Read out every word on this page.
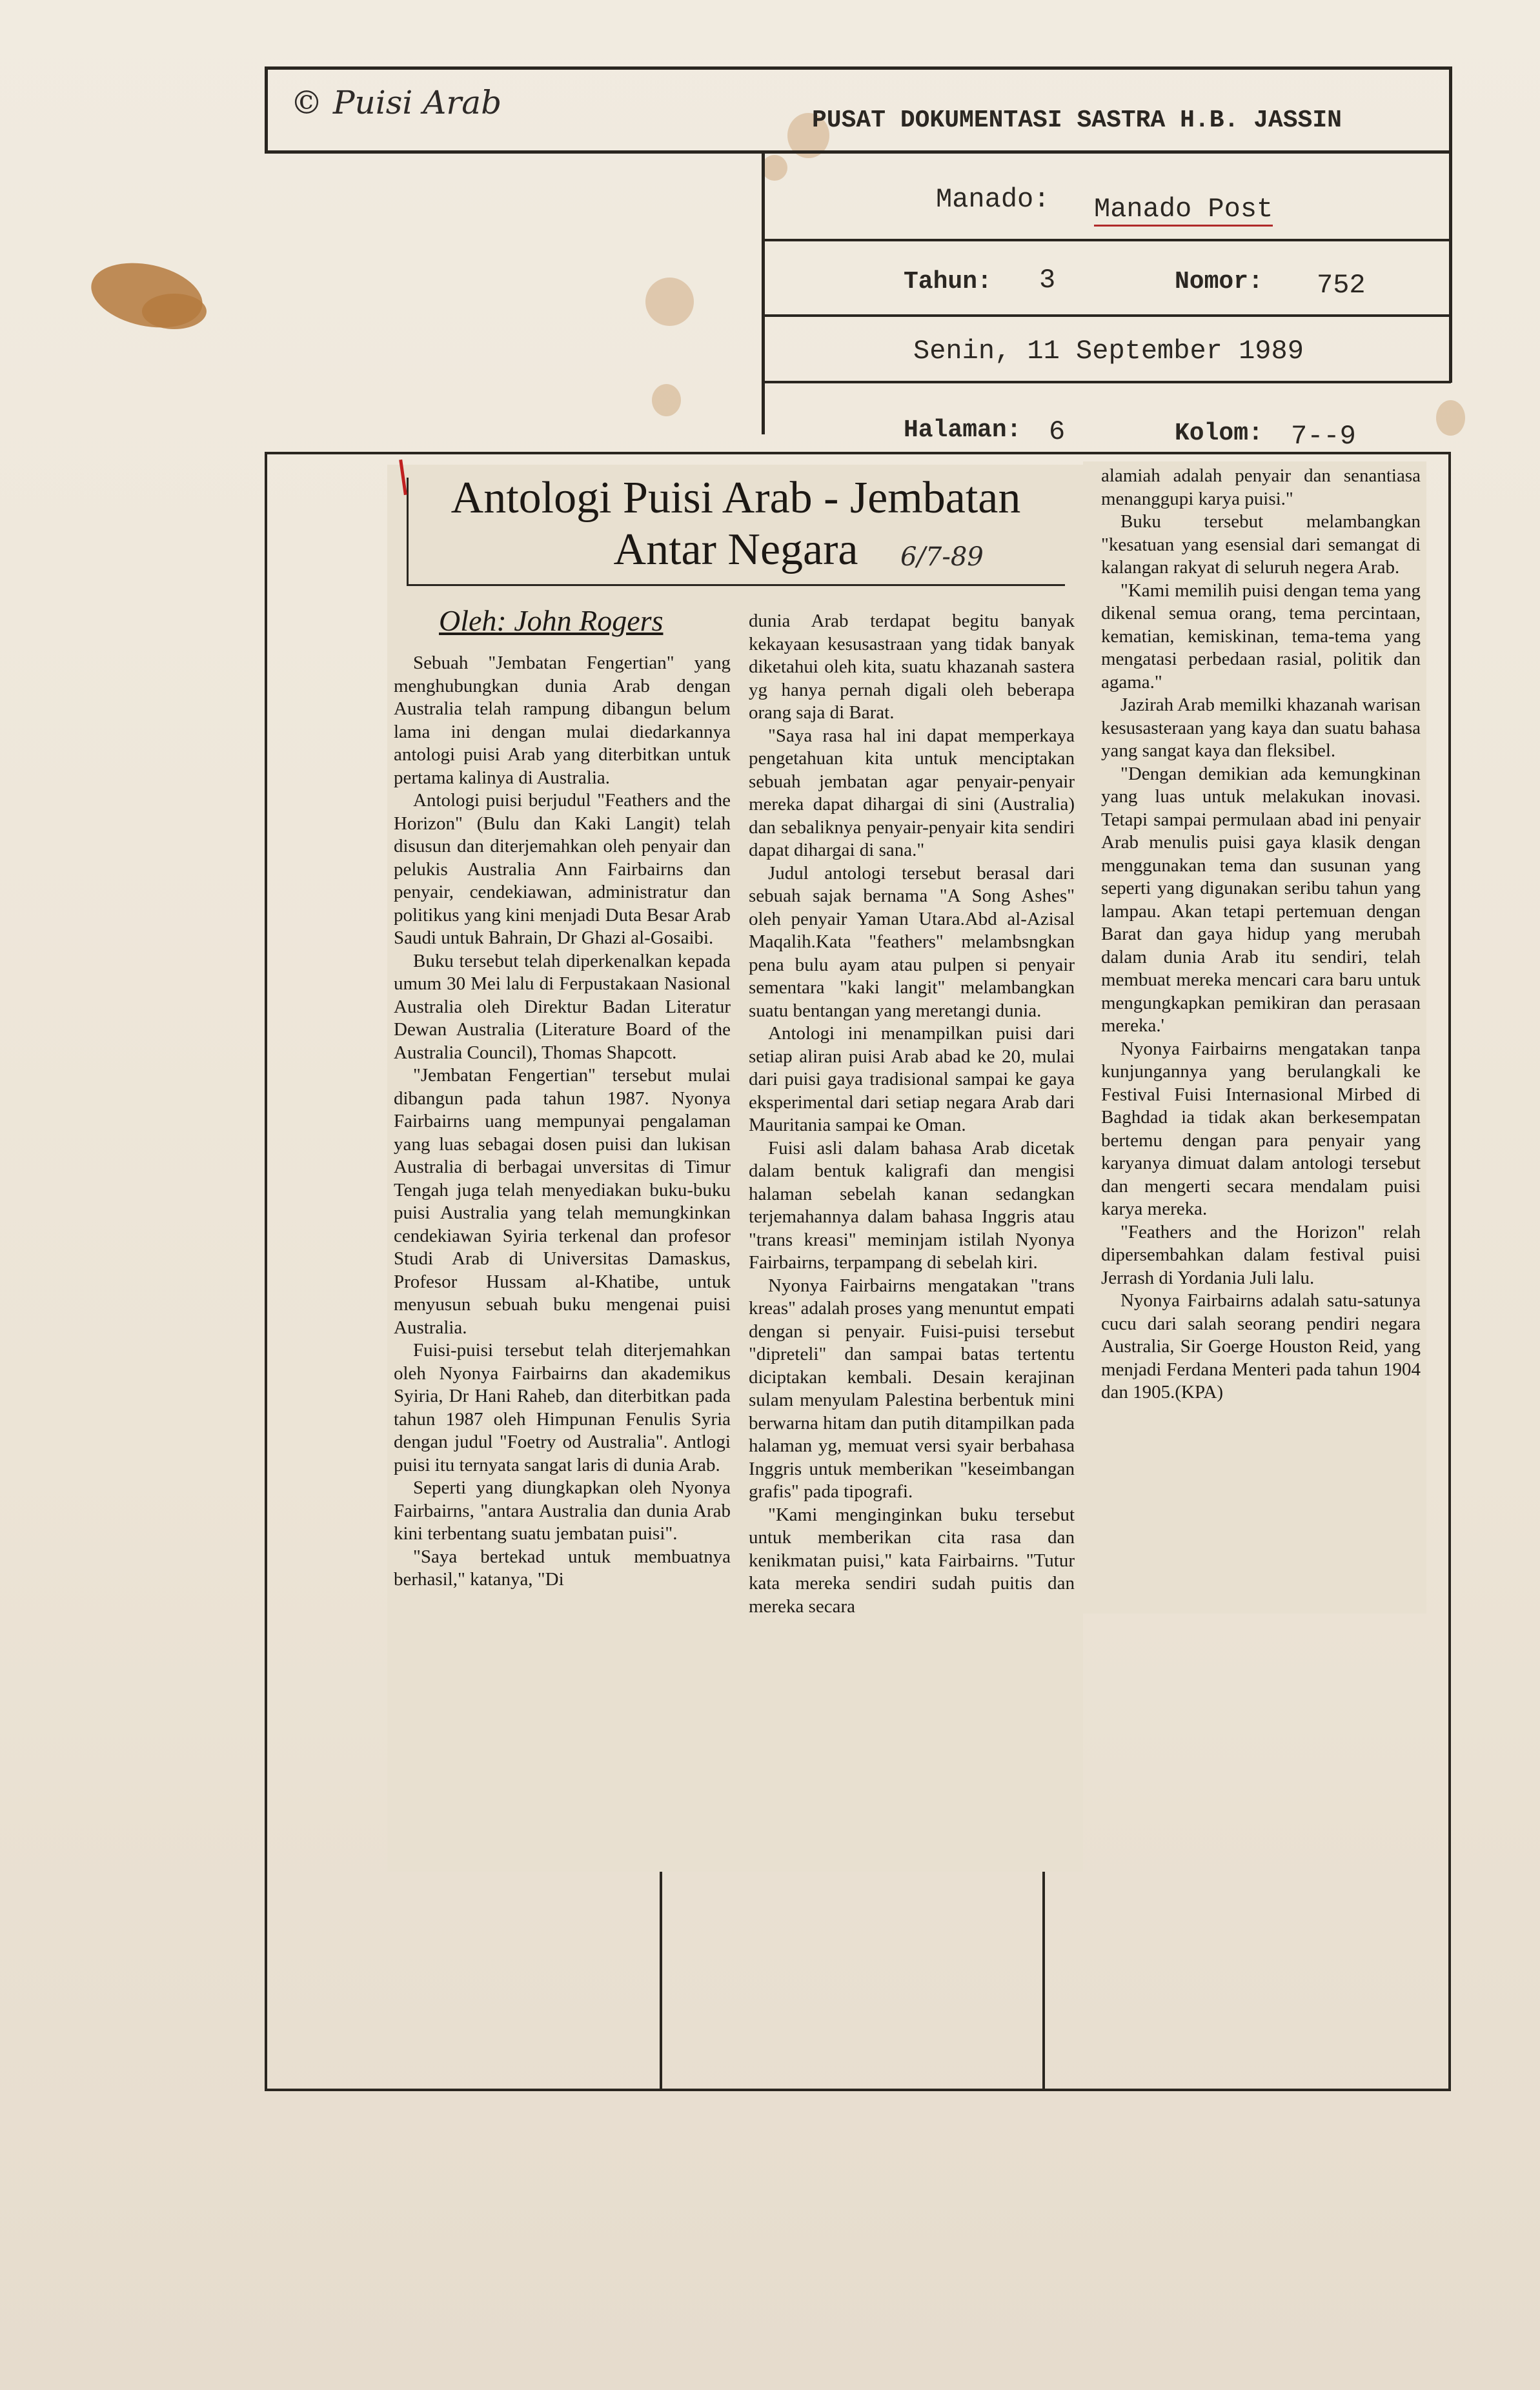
© Puisi Arab	PUSAT DOKUMENTASI SASTRA H.B. JASSIN
Manado: Manado Post
Tahun: 3	Nomor: 752
Senin, 11 September 1989
Halaman: 6	Kolom: 7--9
Antologi Puisi Arab - Jembatan
Antar Negara	6/7-89
Oleh: John Rogers

Sebuah "Jembatan Fengertian" yang menghubungkan dunia Arab dengan Australia telah rampung dibangun belum lama ini dengan mulai diedarkannya antologi puisi Arab yang diterbitkan untuk pertama kalinya di Australia.

Antologi puisi berjudul "Feathers and the Horizon" (Bulu dan Kaki Langit) telah disusun dan diterjemahkan oleh penyair dan pelukis Australia Ann Fairbairns dan penyair, cendekiawan, administratur dan politikus yang kini menjadi Duta Besar Arab Saudi untuk Bahrain, Dr Ghazi al-Gosaibi.

Buku tersebut telah diperkenalkan kepada umum 30 Mei lalu di Ferpustakaan Nasional Australia oleh Direktur Badan Literatur Dewan Australia (Literature Board of the Australia Council), Thomas Shapcott.

"Jembatan Fengertian" tersebut mulai dibangun pada tahun 1987. Nyonya Fairbairns uang mempunyai pengalaman yang luas sebagai dosen puisi dan lukisan Australia di berbagai unversitas di Timur Tengah juga telah menyediakan buku-buku puisi Australia yang telah memungkinkan cendekiawan Syiria terkenal dan profesor Studi Arab di Universitas Damaskus, Profesor Hussam al-Khatibe, untuk menyusun sebuah buku mengenai puisi Australia.

Fuisi-puisi tersebut telah diterjemahkan oleh Nyonya Fairbairns dan akademikus Syiria, Dr Hani Raheb, dan diterbitkan pada tahun 1987 oleh Himpunan Fenulis Syria dengan judul "Foetry od Australia". Antlogi puisi itu ternyata sangat laris di dunia Arab.

Seperti yang diungkapkan oleh Nyonya Fairbairns, "antara Australia dan dunia Arab kini terbentang suatu jembatan puisi".

"Saya bertekad untuk membuatnya berhasil," katanya, "Di

dunia Arab terdapat begitu banyak kekayaan kesusastraan yang tidak banyak diketahui oleh kita, suatu khazanah sastera yg hanya pernah digali oleh beberapa orang saja di Barat.

"Saya rasa hal ini dapat memperkaya pengetahuan kita untuk menciptakan sebuah jembatan agar penyair-penyair mereka dapat dihargai di sini (Australia) dan sebaliknya penyair-penyair kita sendiri dapat dihargai di sana."

Judul antologi tersebut berasal dari sebuah sajak bernama "A Song Ashes" oleh penyair Yaman Utara.Abd al-Azisal Maqalih.Kata "feathers" melambsngkan pena bulu ayam atau pulpen si penyair sementara "kaki langit" melambangkan suatu bentangan yang meretangi dunia.

Antologi ini menampilkan puisi dari setiap aliran puisi Arab abad ke 20, mulai dari puisi gaya tradisional sampai ke gaya eksperimental dari setiap negara Arab dari Mauritania sampai ke Oman.

Fuisi asli dalam bahasa Arab dicetak dalam bentuk kaligrafi dan mengisi halaman sebelah kanan sedangkan terjemahannya dalam bahasa Inggris atau "trans kreasi" meminjam istilah Nyonya Fairbairns, terpampang di sebelah kiri.

Nyonya Fairbairns mengatakan "trans kreas" adalah proses yang menuntut empati dengan si penyair. Fuisi-puisi tersebut "dipreteli" dan sampai batas tertentu diciptakan kembali. Desain kerajinan sulam menyulam Palestina berbentuk mini berwarna hitam dan putih ditampilkan pada halaman yg, memuat versi syair berbahasa Inggris untuk memberikan "keseimbangan grafis" pada tipografi.

"Kami menginginkan buku tersebut untuk memberikan cita rasa dan kenikmatan puisi," kata Fairbairns. "Tutur kata mereka sendiri sudah puitis dan mereka secara

alamiah adalah penyair dan senantiasa menanggupi karya puisi."

Buku tersebut melambangkan "kesatuan yang esensial dari semangat di kalangan rakyat di seluruh negera Arab.

"Kami memilih puisi dengan tema yang dikenal semua orang, tema percintaan, kematian, kemiskinan, tema-tema yang mengatasi perbedaan rasial, politik dan agama."

Jazirah Arab memilki khazanah warisan kesusasteraan yang kaya dan suatu bahasa yang sangat kaya dan fleksibel.

"Dengan demikian ada kemungkinan yang luas untuk melakukan inovasi. Tetapi sampai permulaan abad ini penyair Arab menulis puisi gaya klasik dengan menggunakan tema dan susunan yang seperti yang digunakan seribu tahun yang lampau. Akan tetapi pertemuan dengan Barat dan gaya hidup yang merubah dalam dunia Arab itu sendiri, telah membuat mereka mencari cara baru untuk mengungkapkan pemikiran dan perasaan mereka.'

Nyonya Fairbairns mengatakan tanpa kunjungannya yang berulangkali ke Festival Fuisi Internasional Mirbed di Baghdad ia tidak akan berkesempatan bertemu dengan para penyair yang karyanya dimuat dalam antologi tersebut dan mengerti secara mendalam puisi karya mereka.

"Feathers and the Horizon" relah dipersembahkan dalam festival puisi Jerrash di Yordania Juli lalu.

Nyonya Fairbairns adalah satu-satunya cucu dari salah seorang pendiri negara Australia, Sir Goerge Houston Reid, yang menjadi Ferdana Menteri pada tahun 1904 dan 1905.(KPA)
